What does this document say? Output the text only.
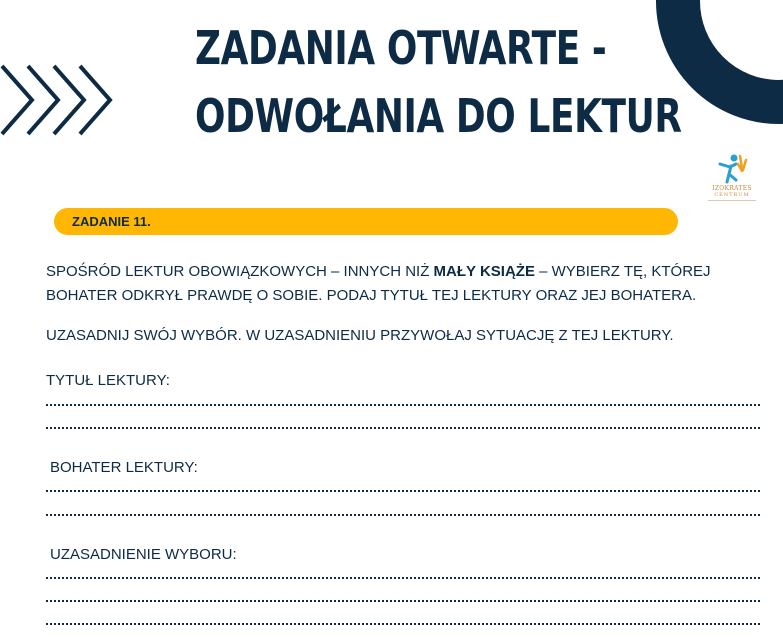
ZADANIA OTWARTE -
ODWOŁANIA DO LEKTUR
IZOKRATES
CENTRUM
ZADANIE 11.

SPOŚRÓD LEKTUR OBOWIĄZKOWYCH – INNYCH NIŻ MAŁY KSIĄŻE – WYBIERZ TĘ, KTÓREJ BOHATER ODKRYŁ PRAWDĘ O SOBIE. PODAJ TYTUŁ TEJ LEKTURY ORAZ JEJ BOHATERA.

UZASADNIJ SWÓJ WYBÓR. W UZASADNIENIU PRZYWOŁAJ SYTUACJĘ Z TEJ LEKTURY.

TYTUŁ LEKTURY:

BOHATER LEKTURY:

UZASADNIENIE WYBORU:
